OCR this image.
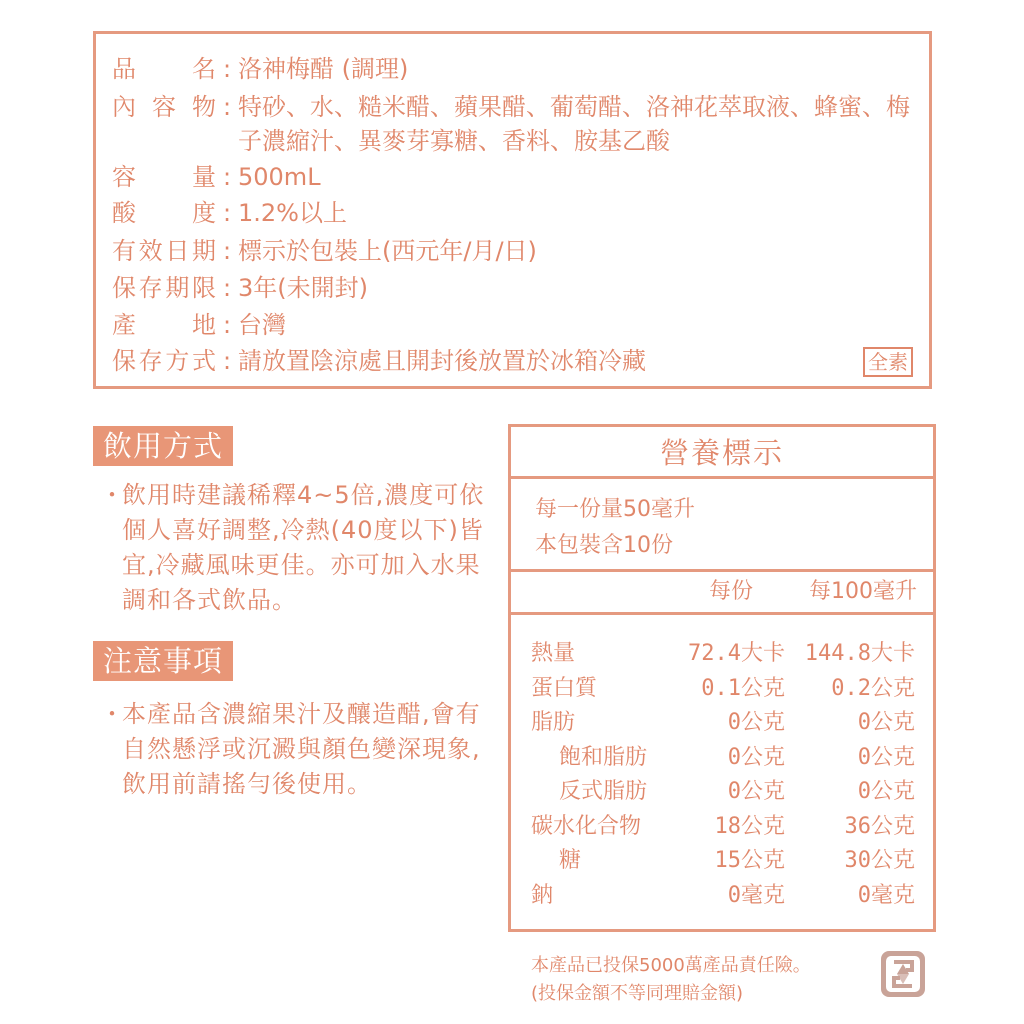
品 名 : 洛神梅醋 (調理)
內 容 物 : 特砂、水、糙米醋、蘋果醋、葡萄醋、洛神花萃取液、蜂蜜、梅子濃縮汁、異麥芽寡糖、香料、胺基乙酸
容 量 : 500mL
酸 度 : 1.2%以上
有 效 日 期 : 標示於包裝上(西元年/月/日)
保 存 期 限 : 3年(未開封)
產 地 : 台灣
保 存 方 式 : 請放置陰涼處且開封後放置於冰箱冷藏	全素
飲用方式
・
飲用時建議稀釋4~5倍,濃度可依個人喜好調整,冷熱(40度以下)皆宜,冷藏風味更佳。亦可加入水果調和各式飲品。
注意事項
・
本產品含濃縮果汁及釀造醋,會有自然懸浮或沉澱與顏色變深現象,飲用前請搖勻後使用。
營養標示
每一份量50毫升
本包裝含10份
每份	每100毫升
熱量	72.4大卡 144.8大卡
蛋白質	0.1公克 0.2公克
脂肪	0公克	0公克
飽和脂肪	0公克	0公克
反式脂肪	0公克	0公克
碳水化合物	18公克	36公克
糖	15公克	30公克
鈉	0毫克	0毫克
本產品已投保5000萬產品責任險。
(投保金額不等同理賠金額)
